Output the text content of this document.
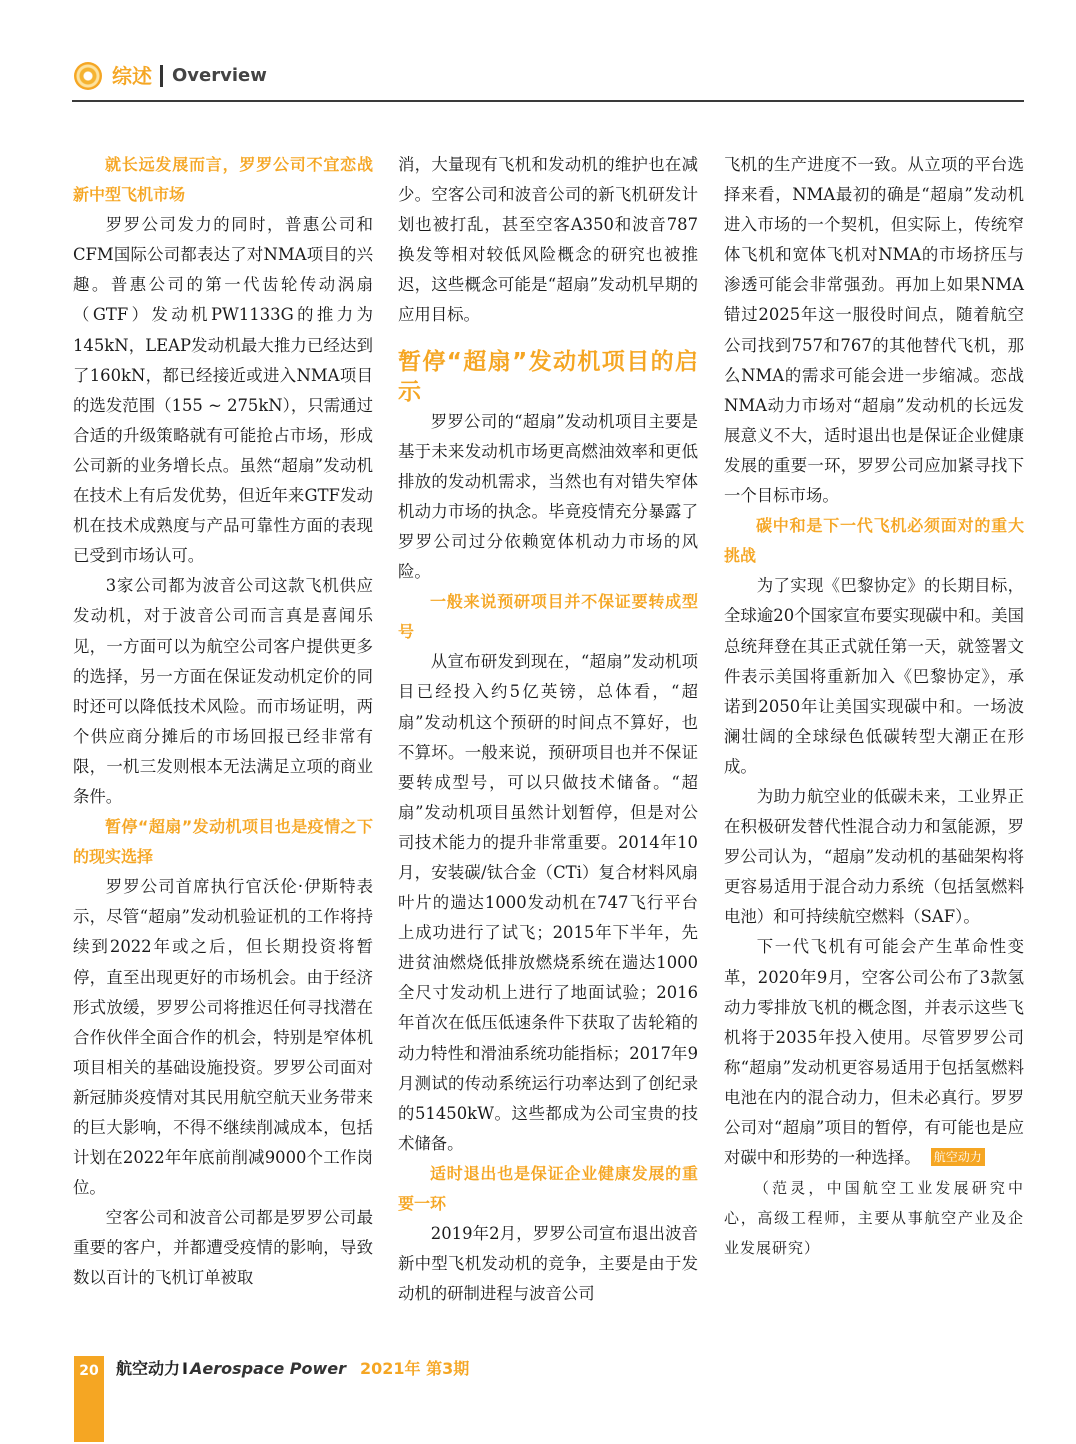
综述 Overview

就长远发展而言，罗罗公司不宜恋战新中型飞机市场

罗罗公司发力的同时，普惠公司和CFM国际公司都表达了对NMA项目的兴趣。普惠公司的第一代齿轮传动涡扇（GTF）发动机PW1133G的推力为145kN，LEAP发动机最大推力已经达到了160kN，都已经接近或进入NMA项目的选发范围（155 ~ 275kN），只需通过合适的升级策略就有可能抢占市场，形成公司新的业务增长点。虽然“超扇”发动机在技术上有后发优势，但近年来GTF发动机在技术成熟度与产品可靠性方面的表现已受到市场认可。

3家公司都为波音公司这款飞机供应发动机，对于波音公司而言真是喜闻乐见，一方面可以为航空公司客户提供更多的选择，另一方面在保证发动机定价的同时还可以降低技术风险。而市场证明，两个供应商分摊后的市场回报已经非常有限，一机三发则根本无法满足立项的商业条件。

暂停“超扇”发动机项目也是疫情之下的现实选择

罗罗公司首席执行官沃伦·伊斯特表示，尽管“超扇”发动机验证机的工作将持续到2022年或之后，但长期投资将暂停，直至出现更好的市场机会。由于经济形式放缓，罗罗公司将推迟任何寻找潜在合作伙伴全面合作的机会，特别是窄体机项目相关的基础设施投资。罗罗公司面对新冠肺炎疫情对其民用航空航天业务带来的巨大影响，不得不继续削减成本，包括计划在2022年年底前削减9000个工作岗位。

空客公司和波音公司都是罗罗公司最重要的客户，并都遭受疫情的影响，导致数以百计的飞机订单被取

消，大量现有飞机和发动机的维护也在减少。空客公司和波音公司的新飞机研发计划也被打乱，甚至空客A350和波音787换发等相对较低风险概念的研究也被推迟，这些概念可能是“超扇”发动机早期的应用目标。

暂停“超扇”发动机项目的启示

罗罗公司的“超扇”发动机项目主要是基于未来发动机市场更高燃油效率和更低排放的发动机需求，当然也有对错失窄体机动力市场的执念。毕竟疫情充分暴露了罗罗公司过分依赖宽体机动力市场的风险。

一般来说预研项目并不保证要转成型号

从宣布研发到现在，“超扇”发动机项目已经投入约5亿英镑，总体看，“超扇”发动机这个预研的时间点不算好，也不算坏。一般来说，预研项目也并不保证要转成型号，可以只做技术储备。“超扇”发动机项目虽然计划暂停，但是对公司技术能力的提升非常重要。2014年10月，安装碳/钛合金（CTi）复合材料风扇叶片的遄达1000发动机在747飞行平台上成功进行了试飞；2015年下半年，先进贫油燃烧低排放燃烧系统在遄达1000全尺寸发动机上进行了地面试验；2016年首次在低压低速条件下获取了齿轮箱的动力特性和滑油系统功能指标；2017年9月测试的传动系统运行功率达到了创纪录的51450kW。这些都成为公司宝贵的技术储备。

适时退出也是保证企业健康发展的重要一环

2019年2月，罗罗公司宣布退出波音新中型飞机发动机的竞争，主要是由于发动机的研制进程与波音公司

飞机的生产进度不一致。从立项的平台选择来看，NMA最初的确是“超扇”发动机进入市场的一个契机，但实际上，传统窄体飞机和宽体飞机对NMA的市场挤压与渗透可能会非常强劲。再加上如果NMA错过2025年这一服役时间点，随着航空公司找到757和767的其他替代飞机，那么NMA的需求可能会进一步缩减。恋战NMA动力市场对“超扇”发动机的长远发展意义不大，适时退出也是保证企业健康发展的重要一环，罗罗公司应加紧寻找下一个目标市场。

碳中和是下一代飞机必须面对的重大挑战

为了实现《巴黎协定》的长期目标，全球逾20个国家宣布要实现碳中和。美国总统拜登在其正式就任第一天，就签署文件表示美国将重新加入《巴黎协定》，承诺到2050年让美国实现碳中和。一场波澜壮阔的全球绿色低碳转型大潮正在形成。

为助力航空业的低碳未来，工业界正在积极研发替代性混合动力和氢能源，罗罗公司认为，“超扇”发动机的基础架构将更容易适用于混合动力系统（包括氢燃料电池）和可持续航空燃料（SAF）。

下一代飞机有可能会产生革命性变革，2020年9月，空客公司公布了3款氢动力零排放飞机的概念图，并表示这些飞机将于2035年投入使用。尽管罗罗公司称“超扇”发动机更容易适用于包括氢燃料电池在内的混合动力，但未必真行。罗罗公司对“超扇”项目的暂停，有可能也是应对碳中和形势的一种选择。 航空动力

（范灵，中国航空工业发展研究中心，高级工程师，主要从事航空产业及企业发展研究）

20	航空动力 I Aerospace Power 2021年 第3期
